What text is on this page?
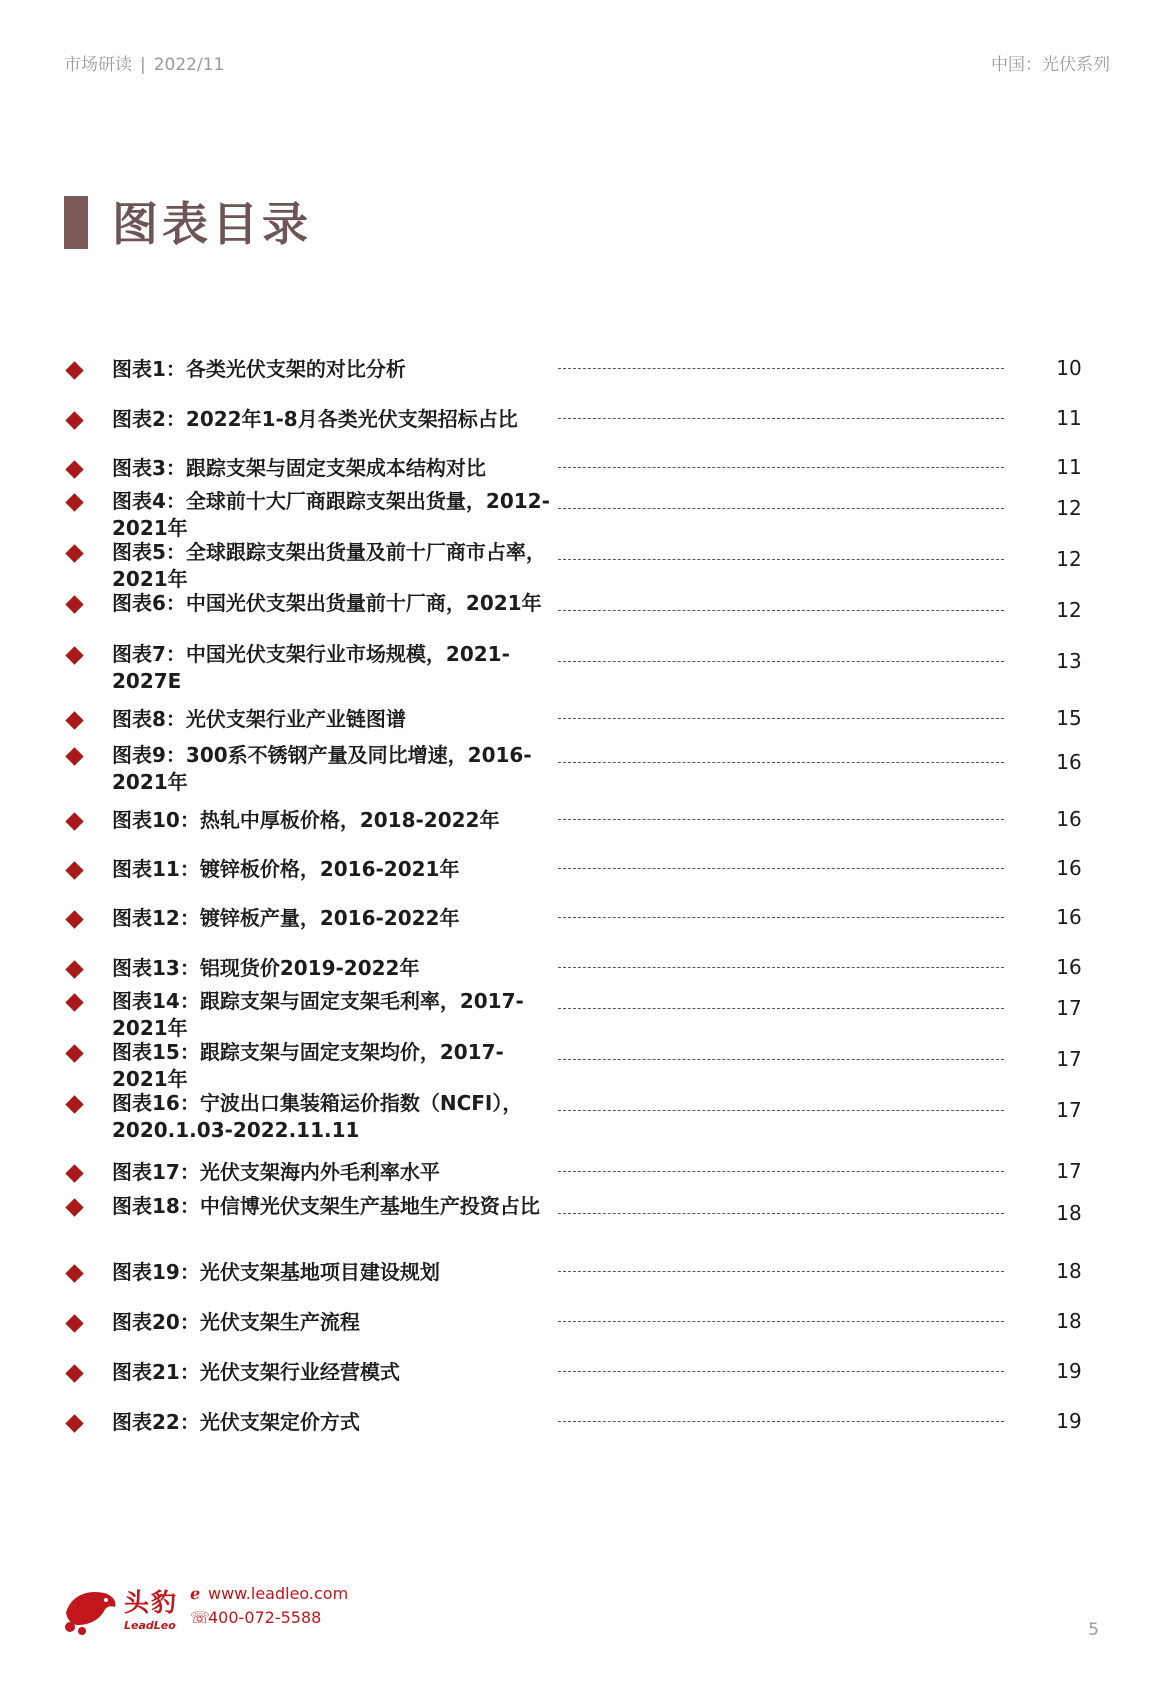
市场研读 | 2022/11	中国：光伏系列
图表目录
图表1：各类光伏支架的对比分析	10
图表2：2022年1-8月各类光伏支架招标占比	11
图表3：跟踪支架与固定支架成本结构对比	11
图表4：全球前十大厂商跟踪支架出货量，2012-2021年
12
图表5：全球跟踪支架出货量及前十厂商市占率，2021年
12
图表6：中国光伏支架出货量前十厂商，2021年	12
图表7：中国光伏支架行业市场规模，2021-2027E
13
图表8：光伏支架行业产业链图谱	15
图表9：300系不锈钢产量及同比增速，2016-2021年
16
图表10：热轧中厚板价格，2018-2022年	16
图表11：镀锌板价格，2016-2021年	16
图表12：镀锌板产量，2016-2022年	16
图表13：铝现货价2019-2022年	16
图表14：跟踪支架与固定支架毛利率，2017-2021年
17
图表15：跟踪支架与固定支架均价，2017-2021年
17
图表16：宁波出口集装箱运价指数（NCFI），2020.1.03-2022.11.11
17
图表17：光伏支架海内外毛利率水平	17
图表18：中信博光伏支架生产基地生产投资占比	18
图表19：光伏支架基地项目建设规划	18
图表20：光伏支架生产流程	18
图表21：光伏支架行业经营模式	19
图表22：光伏支架定价方式	19
头豹
LeadLeo
ℯ www.leadleo.com
☏400-072-5588
5
